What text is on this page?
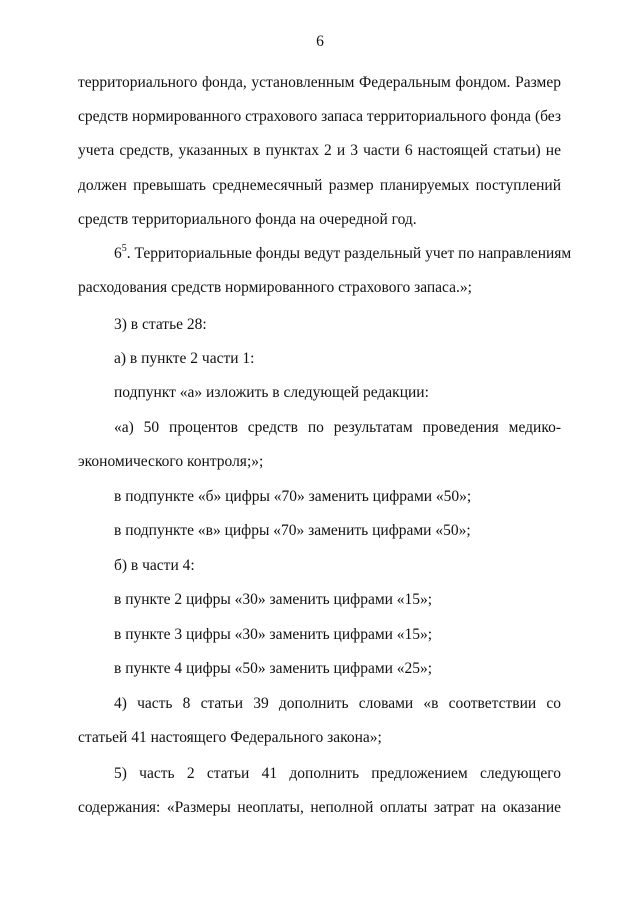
6
территориального фонда, установленным Федеральным фондом. Размер
средств нормированного страхового запаса территориального фонда (без
учета средств, указанных в пунктах 2 и 3 части 6 настоящей статьи) не
должен превышать среднемесячный размер планируемых поступлений
средств территориального фонда на очередной год.
$6^5$. Территориальные фонды ведут раздельный учет по направлениям
расходования средств нормированного страхового запаса.»;
3) в статье 28:
а) в пункте 2 части 1:
подпункт «а» изложить в следующей редакции:
«а) 50 процентов средств по результатам проведения медико-
экономического контроля;»;
в подпункте «б» цифры «70» заменить цифрами «50»;
в подпункте «в» цифры «70» заменить цифрами «50»;
б) в части 4:
в пункте 2 цифры «30» заменить цифрами «15»;
в пункте 3 цифры «30» заменить цифрами «15»;
в пункте 4 цифры «50» заменить цифрами «25»;
4) часть 8 статьи 39 дополнить словами «в соответствии со
статьей 41 настоящего Федерального закона»;
5) часть 2 статьи 41 дополнить предложением следующего
содержания: «Размеры неоплаты, неполной оплаты затрат на оказание
